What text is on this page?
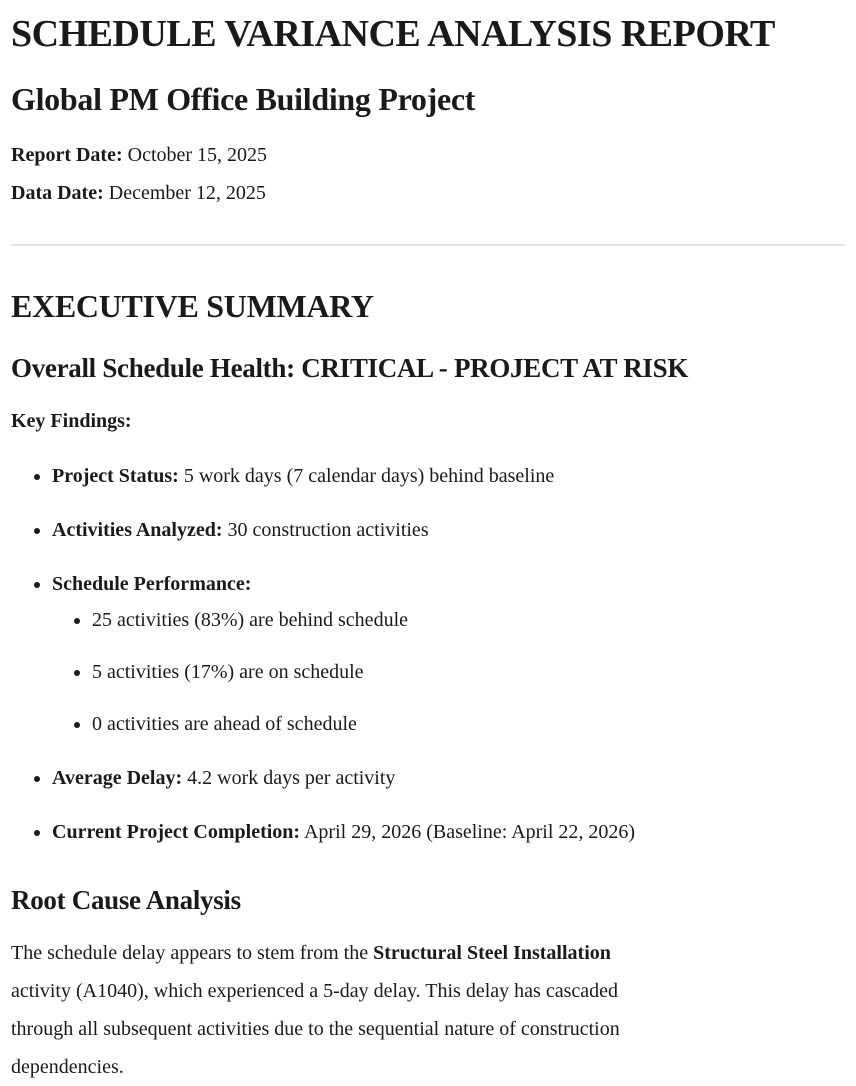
SCHEDULE VARIANCE ANALYSIS REPORT
Global PM Office Building Project

Report Date: October 15, 2025

Data Date: December 12, 2025

EXECUTIVE SUMMARY
Overall Schedule Health: CRITICAL - PROJECT AT RISK

Key Findings:

• Project Status: 5 work days (7 calendar days) behind baseline
• Activities Analyzed: 30 construction activities
• Schedule Performance:
• 25 activities (83%) are behind schedule
• 5 activities (17%) are on schedule
• 0 activities are ahead of schedule
• Average Delay: 4.2 work days per activity
• Current Project Completion: April 29, 2026 (Baseline: April 22, 2026)
Root Cause Analysis

The schedule delay appears to stem from the Structural Steel Installation activity (A1040), which experienced a 5-day delay. This delay has cascaded through all subsequent activities due to the sequential nature of construction dependencies.
